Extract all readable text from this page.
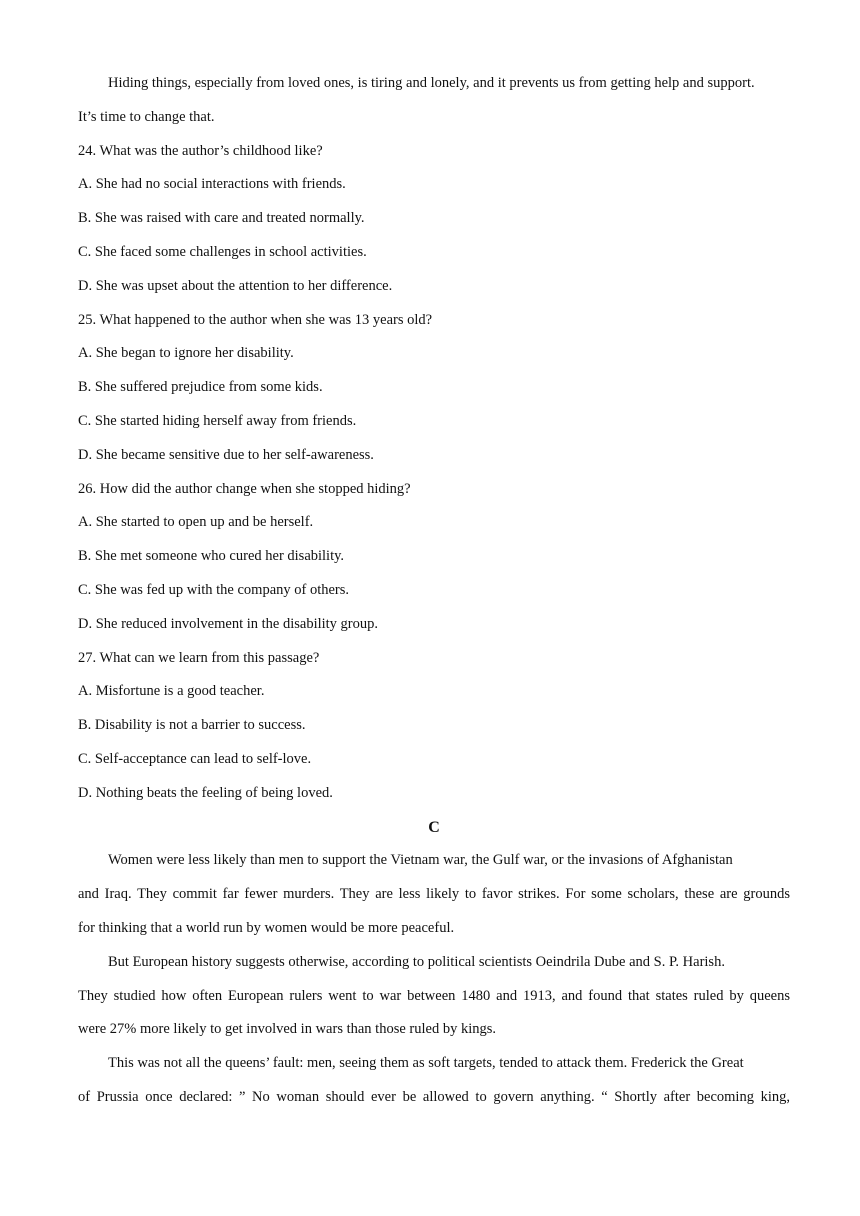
Hiding things, especially from loved ones, is tiring and lonely, and it prevents us from getting help and support.
It’s time to change that.
24. What was the author’s childhood like?
A. She had no social interactions with friends.
B. She was raised with care and treated normally.
C. She faced some challenges in school activities.
D. She was upset about the attention to her difference.
25. What happened to the author when she was 13 years old?
A. She began to ignore her disability.
B. She suffered prejudice from some kids.
C. She started hiding herself away from friends.
D. She became sensitive due to her self-awareness.
26. How did the author change when she stopped hiding?
A. She started to open up and be herself.
B. She met someone who cured her disability.
C. She was fed up with the company of others.
D. She reduced involvement in the disability group.
27. What can we learn from this passage?
A. Misfortune is a good teacher.
B. Disability is not a barrier to success.
C. Self-acceptance can lead to self-love.
D. Nothing beats the feeling of being loved.
C
Women were less likely than men to support the Vietnam war, the Gulf war, or the invasions of Afghanistan
and Iraq. They commit far fewer murders. They are less likely to favor strikes. For some scholars, these are grounds
for thinking that a world run by women would be more peaceful.
But European history suggests otherwise, according to political scientists Oeindrila Dube and S. P. Harish.
They studied how often European rulers went to war between 1480 and 1913, and found that states ruled by queens
were 27% more likely to get involved in wars than those ruled by kings.
This was not all the queens’ fault: men, seeing them as soft targets, tended to attack them. Frederick the Great
of Prussia once declared: ” No woman should ever be allowed to govern anything. “ Shortly after becoming king,
